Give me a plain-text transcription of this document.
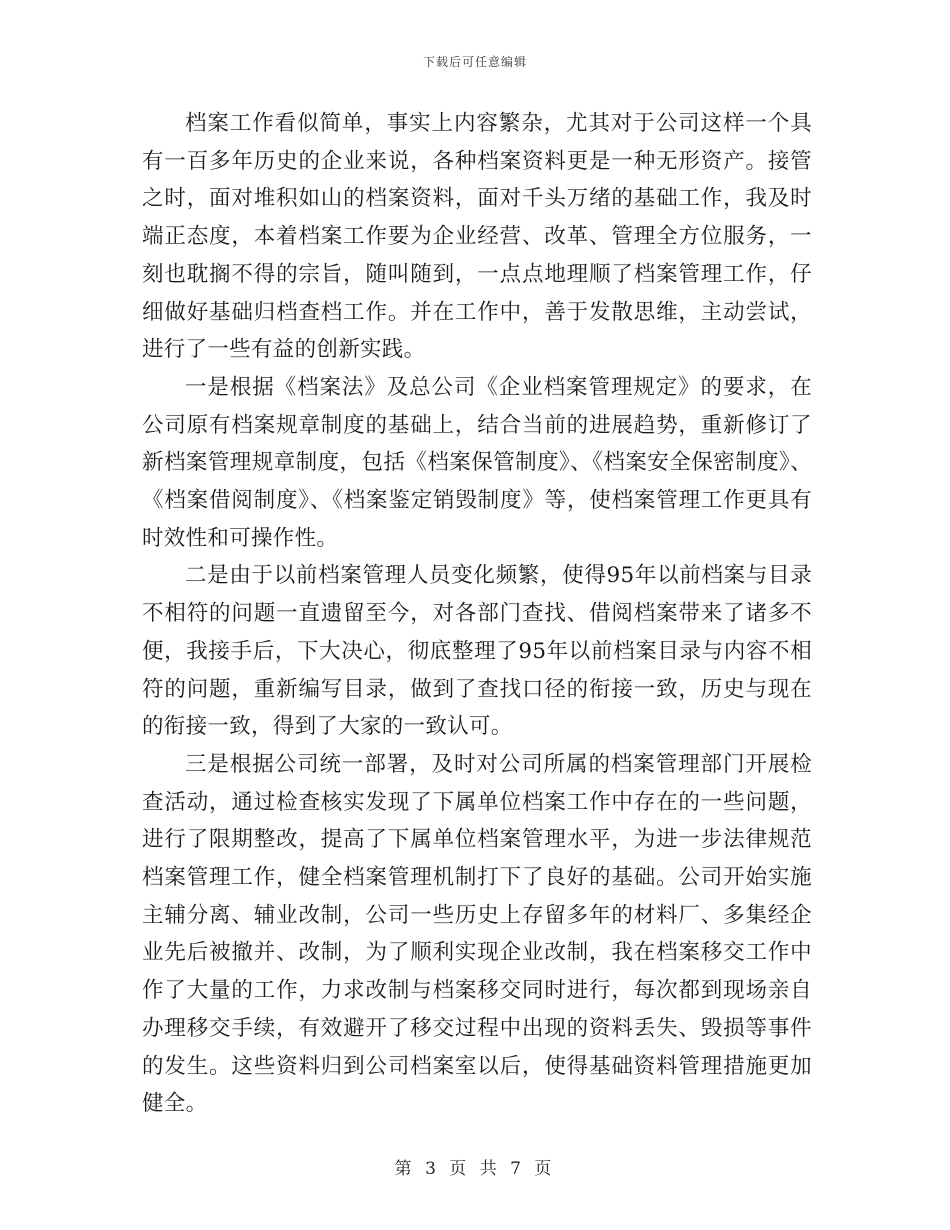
下载后可任意编辑

档案工作看似简单，事实上内容繁杂，尤其对于公司这样一个具有一百多年历史的企业来说，各种档案资料更是一种无形资产。接管之时，面对堆积如山的档案资料，面对千头万绪的基础工作，我及时端正态度，本着档案工作要为企业经营、改革、管理全方位服务，一刻也耽搁不得的宗旨，随叫随到，一点点地理顺了档案管理工作，仔细做好基础归档查档工作。并在工作中，善于发散思维，主动尝试，进行了一些有益的创新实践。

一是根据《档案法》及总公司《企业档案管理规定》的要求，在公司原有档案规章制度的基础上，结合当前的进展趋势，重新修订了新档案管理规章制度，包括《档案保管制度》、《档案安全保密制度》、《档案借阅制度》、《档案鉴定销毁制度》等，使档案管理工作更具有时效性和可操作性。

二是由于以前档案管理人员变化频繁，使得95年以前档案与目录不相符的问题一直遗留至今，对各部门查找、借阅档案带来了诸多不便，我接手后，下大决心，彻底整理了95年以前档案目录与内容不相符的问题，重新编写目录，做到了查找口径的衔接一致，历史与现在的衔接一致，得到了大家的一致认可。

三是根据公司统一部署，及时对公司所属的档案管理部门开展检查活动，通过检查核实发现了下属单位档案工作中存在的一些问题，进行了限期整改，提高了下属单位档案管理水平，为进一步法律规范档案管理工作，健全档案管理机制打下了良好的基础。公司开始实施主辅分离、辅业改制，公司一些历史上存留多年的材料厂、多集经企业先后被撤并、改制，为了顺利实现企业改制，我在档案移交工作中作了大量的工作，力求改制与档案移交同时进行，每次都到现场亲自办理移交手续，有效避开了移交过程中出现的资料丢失、毁损等事件的发生。这些资料归到公司档案室以后，使得基础资料管理措施更加健全。

第 3 页 共 7 页
